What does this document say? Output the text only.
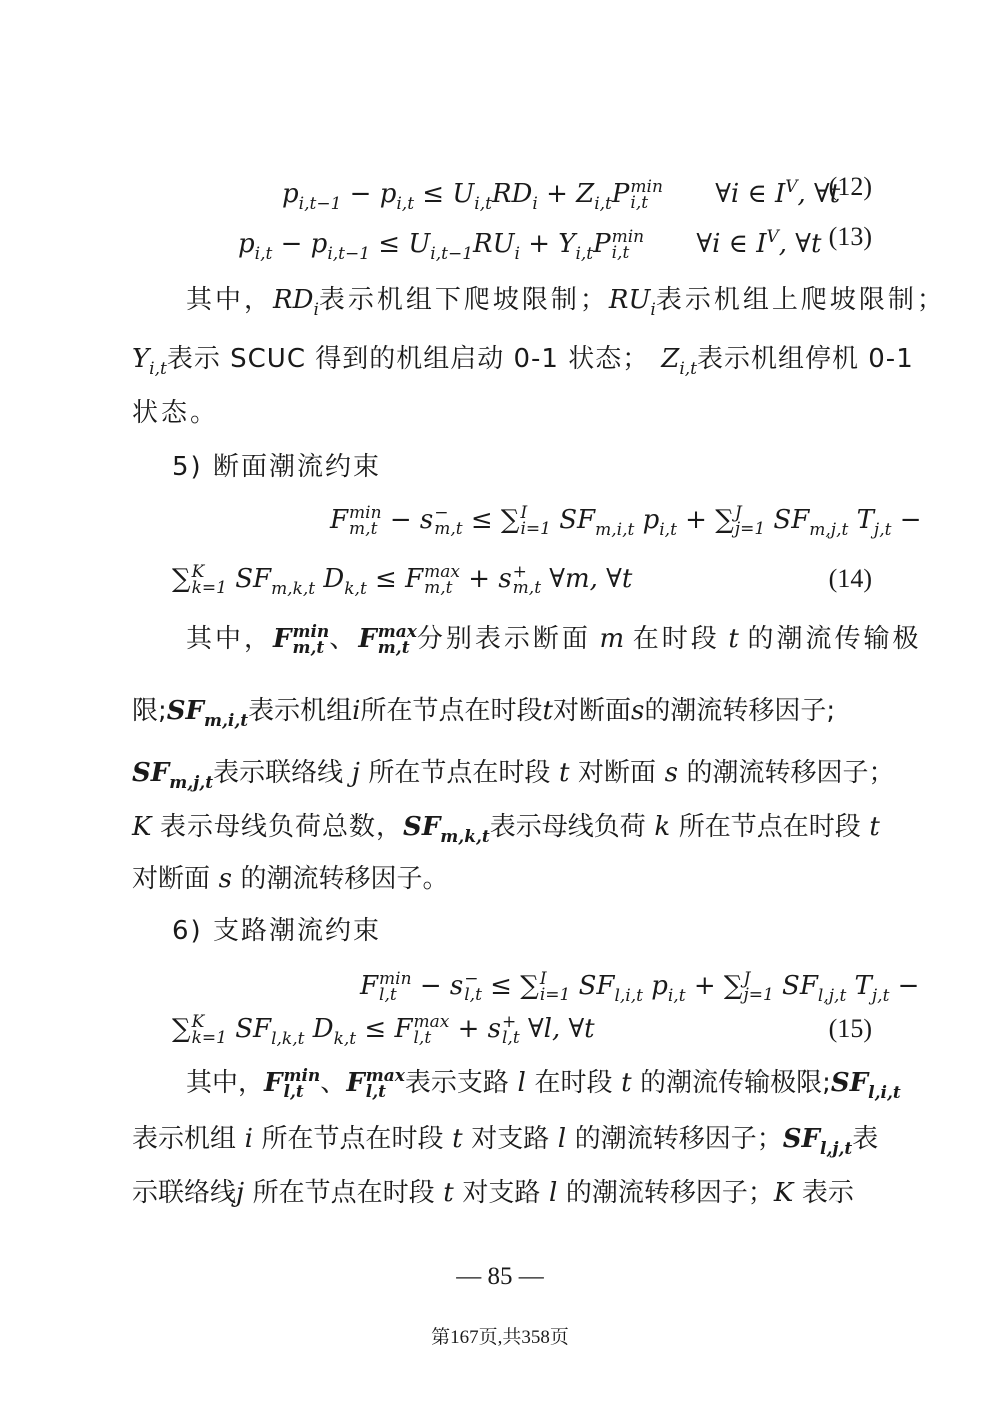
$p_{i,t-1} - p_{i,t} \le U_{i,t}RD_i + Z_{i,t}P$ min
i,t	∀i ∈ $I^V$, ∀t
(12)
$p_{i,t} - p_{i,t-1} \le U_{i,t-1}RU_i + Y_{i,t}P$ min
i,t	∀i ∈ $I^V$, ∀t (13)
其中，$RD_i$表示机组下爬坡限制；$RU_i$表示机组上爬坡限制；
$Y_{i,t}$表示 SCUC 得到的机组启动 0-1 状态； $Z_{i,t}$表示机组停机 0-1
状态。
5) 断面潮流约束
F min
m,t − s −
m,t ≤ ∑ I
i=1 $SF_{m,i,t}$ $p_{i,t}$ + ∑ J
j=1 $SF_{m,j,t}$ $T_{j,t}$ −
∑ K
k=1 $SF_{m,k,t}$ $D_{k,t} \le F$ max
m,t + s +
m,t ∀m, ∀t	(14)
其中，F min
m,t 、F max
m,t 分别表示断面 m 在时段 t 的潮流传输极
限$;SF_{m,i,t}$表示机组i所在节点在时段t对断面s的潮流转移因子;
$SF_{m,j,t}$表示联络线 j 所在节点在时段 t 对断面 s 的潮流转移因子；
K 表示母线负荷总数，$SF_{m,k,t}$表示母线负荷 k 所在节点在时段 t
对断面 s 的潮流转移因子。
6) 支路潮流约束
F min
l,t − s −
l,t ≤ ∑ I
i=1 $SF_{l,i,t}$ $p_{i,t}$ + ∑ J
j=1 $SF_{l,j,t}$ $T_{j,t}$ −
∑ K
k=1 $SF_{l,k,t}$ $D_{k,t} \le F$ max
l,t + s +
l,t ∀l, ∀t	(15)
其中，F min
l,t 、F max
l,t 表示支路 l 在时段 t 的潮流传输极限$;SF_{l,i,t}$
表示机组 i 所在节点在时段 t 对支路 l 的潮流转移因子；$SF_{l,j,t}$表
示联络线j 所在节点在时段 t 对支路 l 的潮流转移因子；K 表示
— 85 —
第167页,共358页
